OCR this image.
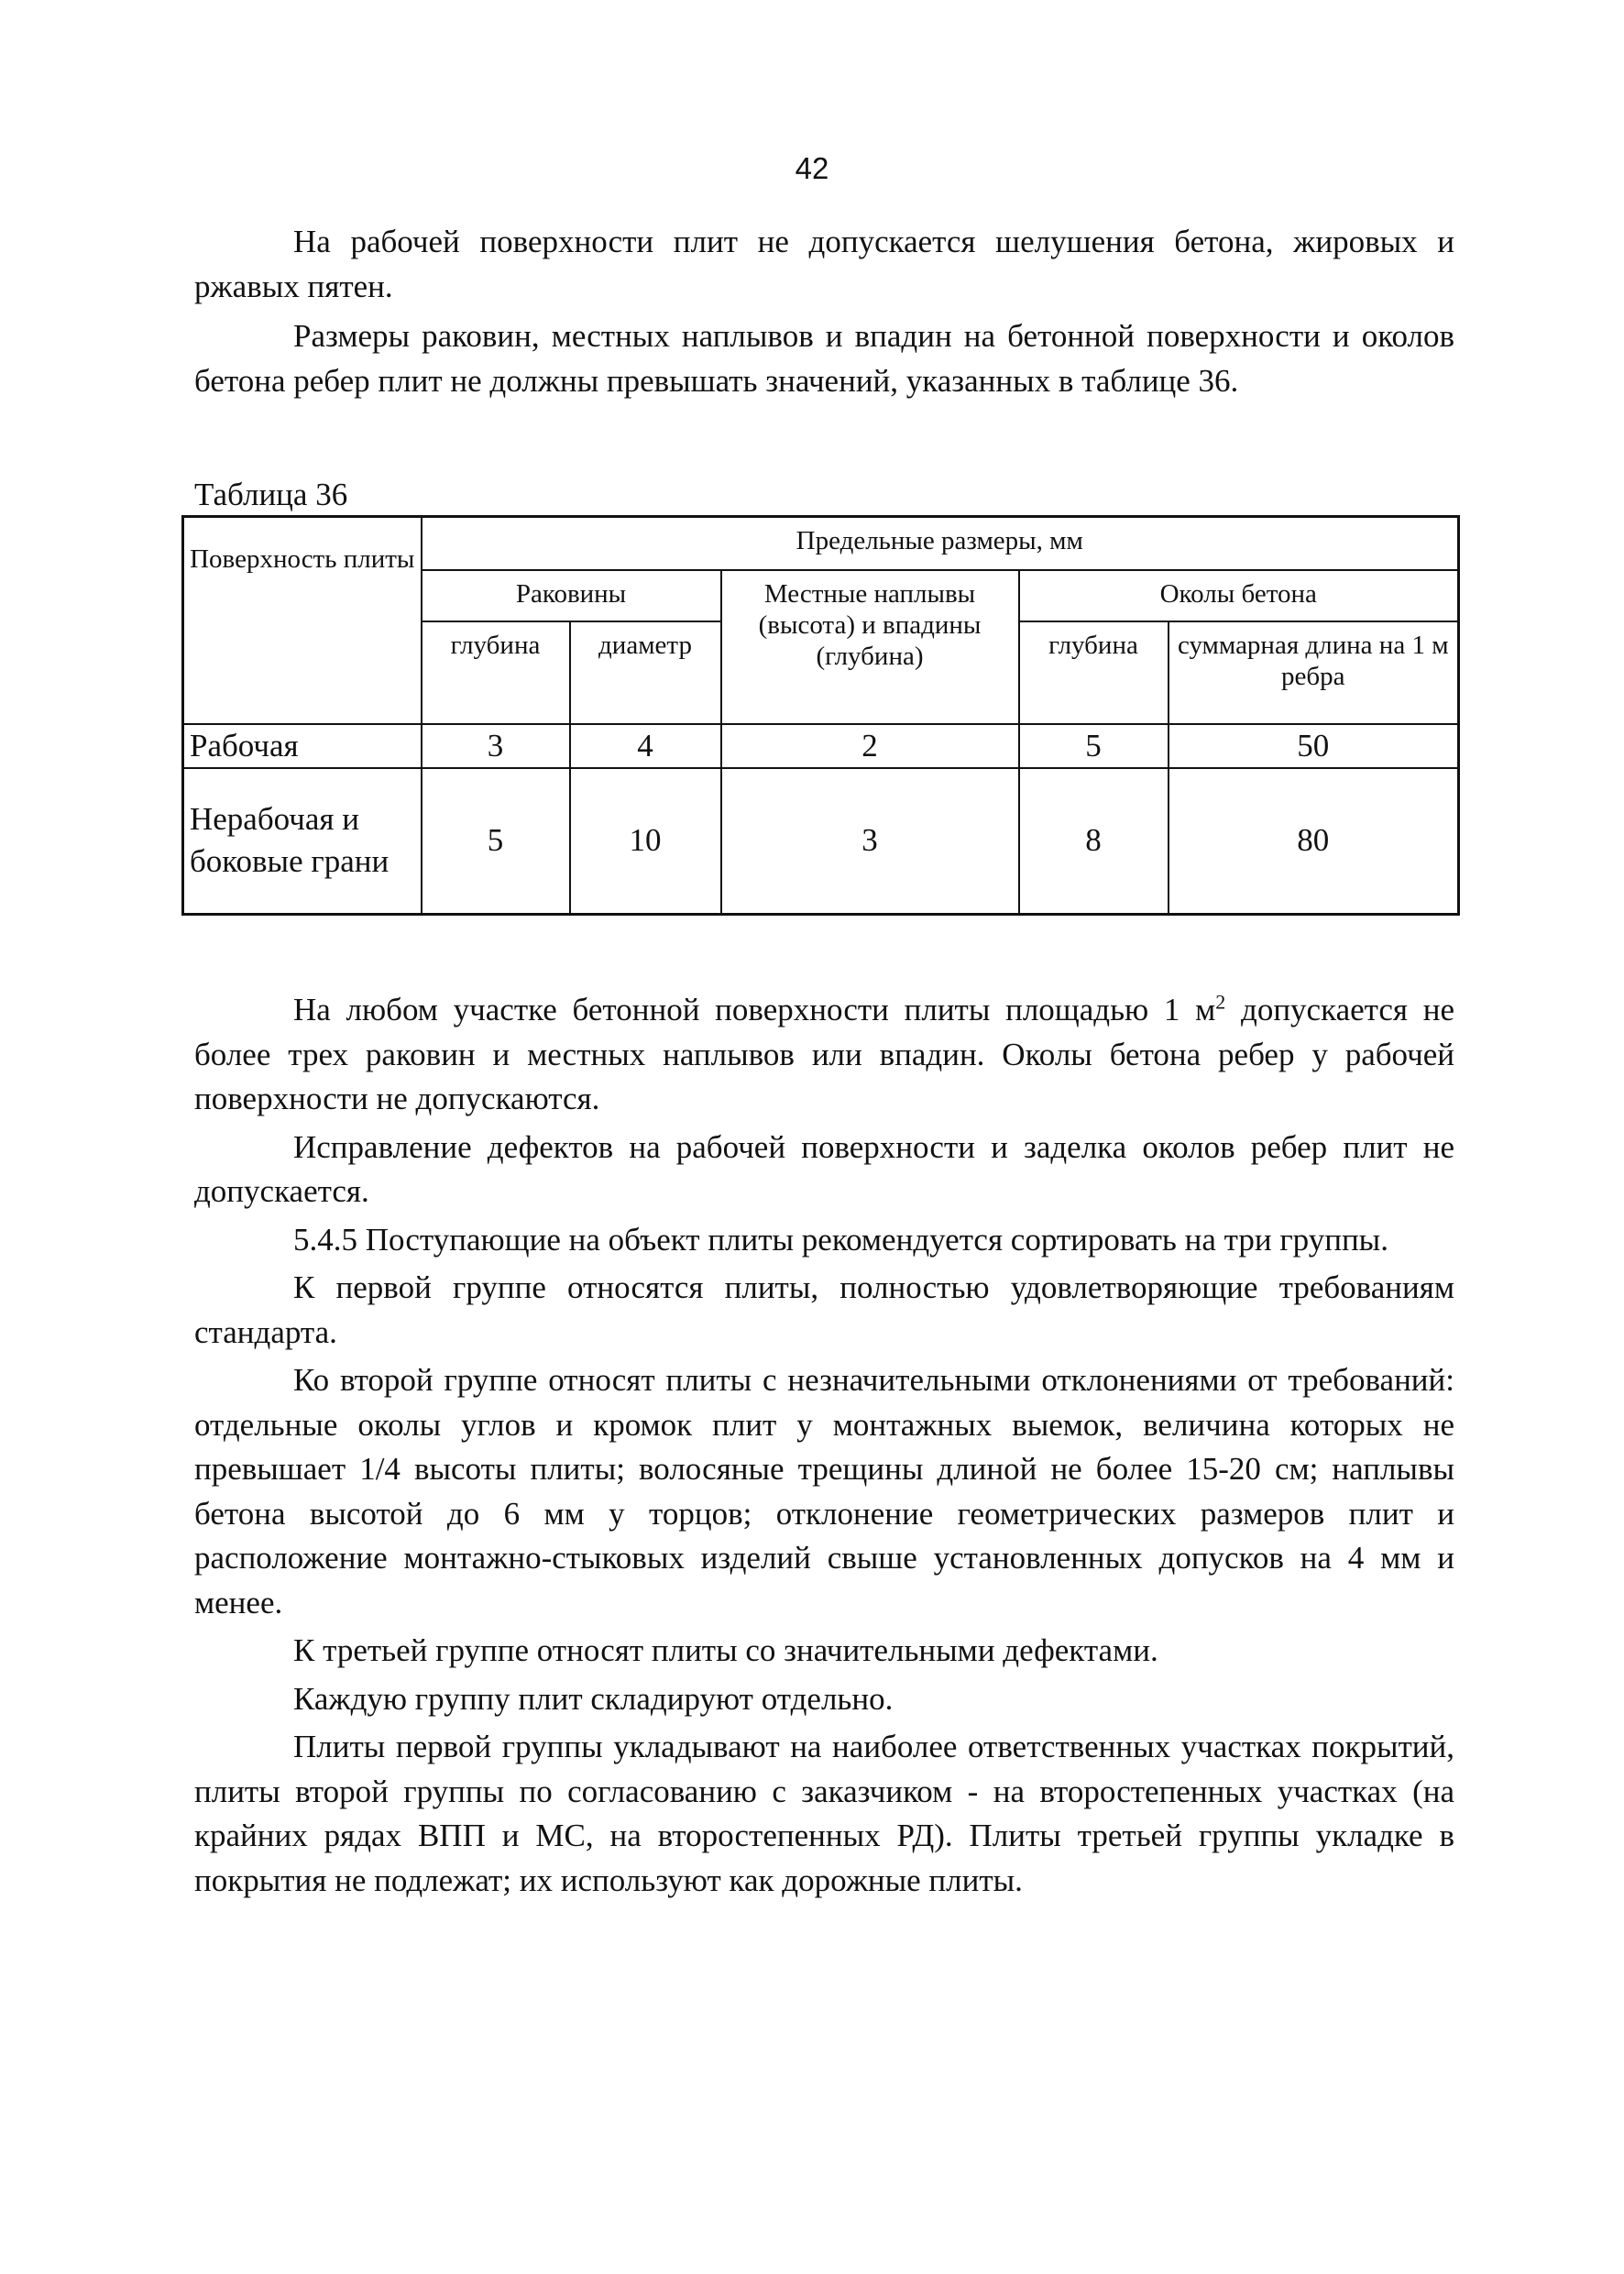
42

На рабочей поверхности плит не допускается шелушения бетона, жировых и ржавых пятен.

Размеры раковин, местных наплывов и впадин на бетонной поверхности и околов бетона ребер плит не должны превышать значений, указанных в таблице 36.

Таблица 36
Поверхность плиты	Предельные размеры, мм				
	Раковины		Местные наплывы (высота) и впадины (глубина)	Околы бетона	
	глубина	диаметр		глубина	суммарная длина на 1 м ребра
Рабочая	3	4	2	5	50
Нерабочая и боковые грани	5	10	3	8	80

На любом участке бетонной поверхности плиты площадью 1 $м^2$ допускается не более трех раковин и местных наплывов или впадин. Околы бетона ребер у рабочей поверхности не допускаются.

Исправление дефектов на рабочей поверхности и заделка околов ребер плит не допускается.

5.4.5 Поступающие на объект плиты рекомендуется сортировать на три группы.

К первой группе относятся плиты, полностью удовлетворяющие требованиям стандарта.

Ко второй группе относят плиты с незначительными отклонениями от требований: отдельные околы углов и кромок плит у монтажных выемок, величина которых не превышает 1/4 высоты плиты; волосяные трещины длиной не более 15-20 см; наплывы бетона высотой до 6 мм у торцов; отклонение геометрических размеров плит и расположение монтажно-стыковых изделий свыше установленных допусков на 4 мм и менее.

К третьей группе относят плиты со значительными дефектами.

Каждую группу плит складируют отдельно.

Плиты первой группы укладывают на наиболее ответственных участках покрытий, плиты второй группы по согласованию с заказчиком - на второстепенных участках (на крайних рядах ВПП и МС, на второстепенных РД). Плиты третьей группы укладке в покрытия не подлежат; их используют как дорожные плиты.
